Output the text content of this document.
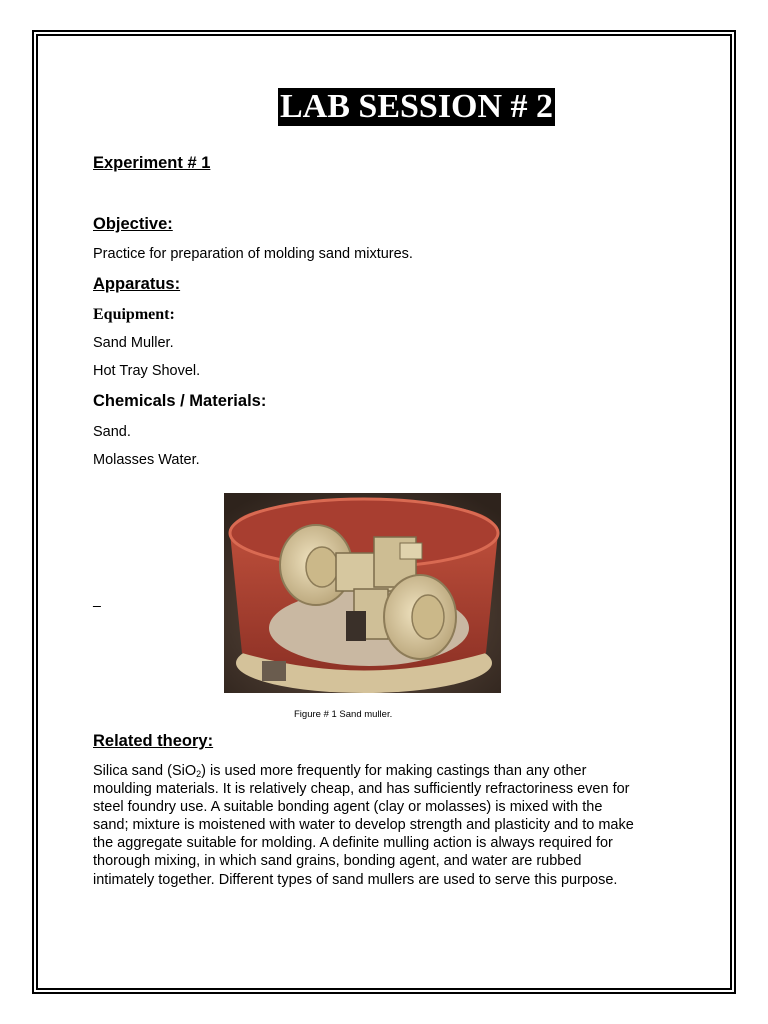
LAB SESSION # 2
Experiment # 1
Objective:
Practice for preparation of molding sand mixtures.
Apparatus:
Equipment:
Sand Muller.
Hot Tray Shovel.
Chemicals / Materials:
Sand.
Molasses Water.
_
Figure # 1 Sand muller.
Related theory:
Silica sand (SiO$_2$) is used more frequently for making castings than any other
moulding materials. It is relatively cheap, and has sufficiently refractoriness even for
steel foundry use. A suitable bonding agent (clay or molasses) is mixed with the
sand; mixture is moistened with water to develop strength and plasticity and to make
the aggregate suitable for molding. A definite mulling action is always required for
thorough mixing, in which sand grains, bonding agent, and water are rubbed
intimately together. Different types of sand mullers are used to serve this purpose.
